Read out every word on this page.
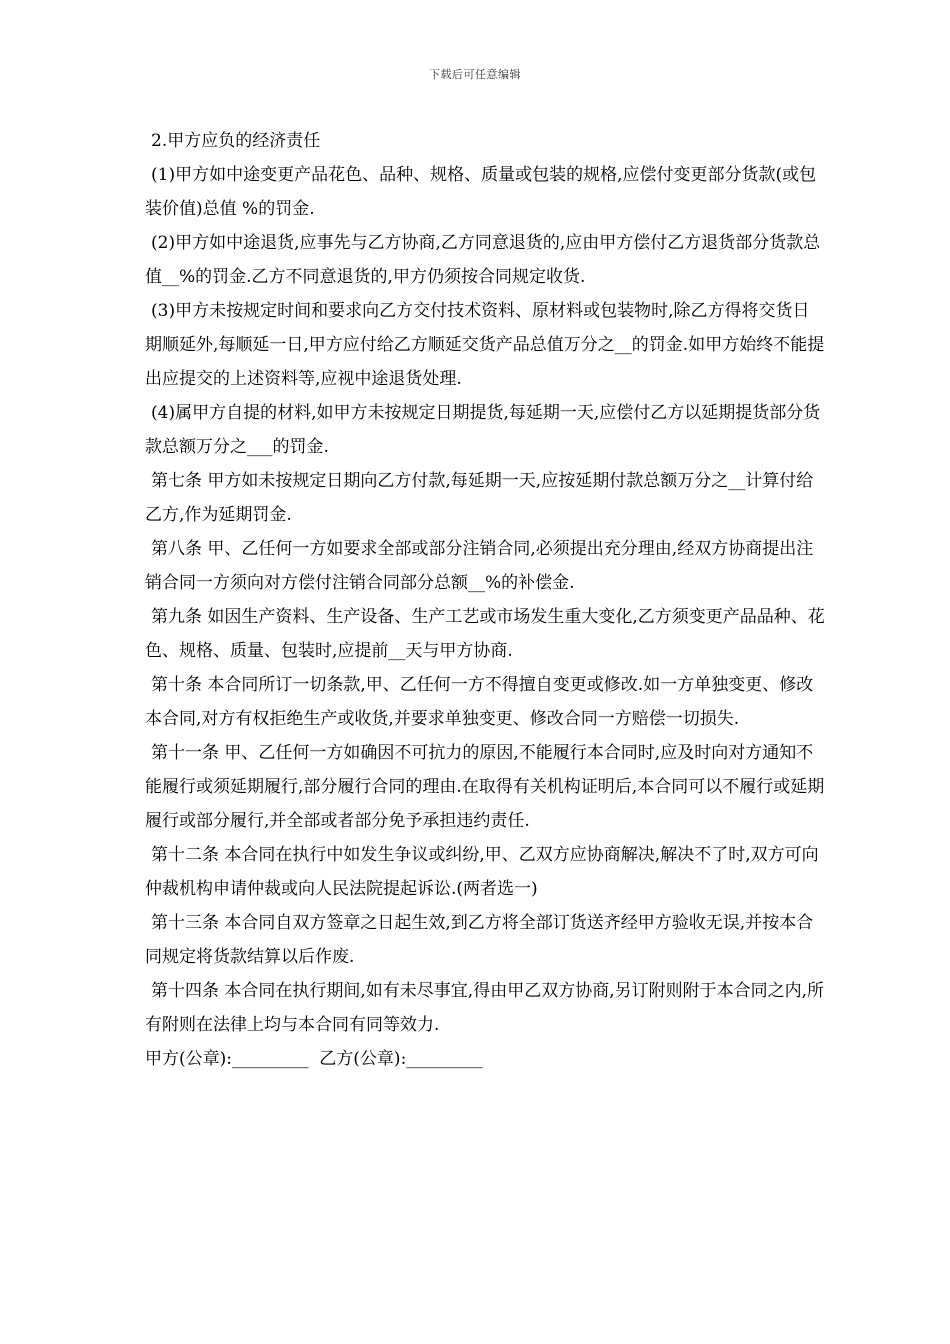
下载后可任意编辑

2.甲方应负的经济责任

(1)甲方如中途变更产品花色、品种、规格、质量或包装的规格,应偿付变更部分货款(或包装价值)总值 %的罚金.

(2)甲方如中途退货,应事先与乙方协商,乙方同意退货的,应由甲方偿付乙方退货部分货款总值__%的罚金.乙方不同意退货的,甲方仍须按合同规定收货.

(3)甲方未按规定时间和要求向乙方交付技术资料、原材料或包装物时,除乙方得将交货日期顺延外,每顺延一日,甲方应付给乙方顺延交货产品总值万分之__的罚金.如甲方始终不能提出应提交的上述资料等,应视中途退货处理.

(4)属甲方自提的材料,如甲方未按规定日期提货,每延期一天,应偿付乙方以延期提货部分货款总额万分之___的罚金.

第七条 甲方如未按规定日期向乙方付款,每延期一天,应按延期付款总额万分之__计算付给乙方,作为延期罚金.

第八条 甲、乙任何一方如要求全部或部分注销合同,必须提出充分理由,经双方协商提出注销合同一方须向对方偿付注销合同部分总额__%的补偿金.

第九条 如因生产资料、生产设备、生产工艺或市场发生重大变化,乙方须变更产品品种、花色、规格、质量、包装时,应提前__天与甲方协商.

第十条 本合同所订一切条款,甲、乙任何一方不得擅自变更或修改.如一方单独变更、修改本合同,对方有权拒绝生产或收货,并要求单独变更、修改合同一方赔偿一切损失.

第十一条 甲、乙任何一方如确因不可抗力的原因,不能履行本合同时,应及时向对方通知不能履行或须延期履行,部分履行合同的理由.在取得有关机构证明后,本合同可以不履行或延期履行或部分履行,并全部或者部分免予承担违约责任.

第十二条 本合同在执行中如发生争议或纠纷,甲、乙双方应协商解决,解决不了时,双方可向仲裁机构申请仲裁或向人民法院提起诉讼.(两者选一)

第十三条 本合同自双方签章之日起生效,到乙方将全部订货送齐经甲方验收无误,并按本合同规定将货款结算以后作废.

第十四条 本合同在执行期间,如有未尽事宜,得由甲乙双方协商,另订附则附于本合同之内,所有附则在法律上均与本合同有同等效力.

甲方(公章):_________  乙方(公章):_________
